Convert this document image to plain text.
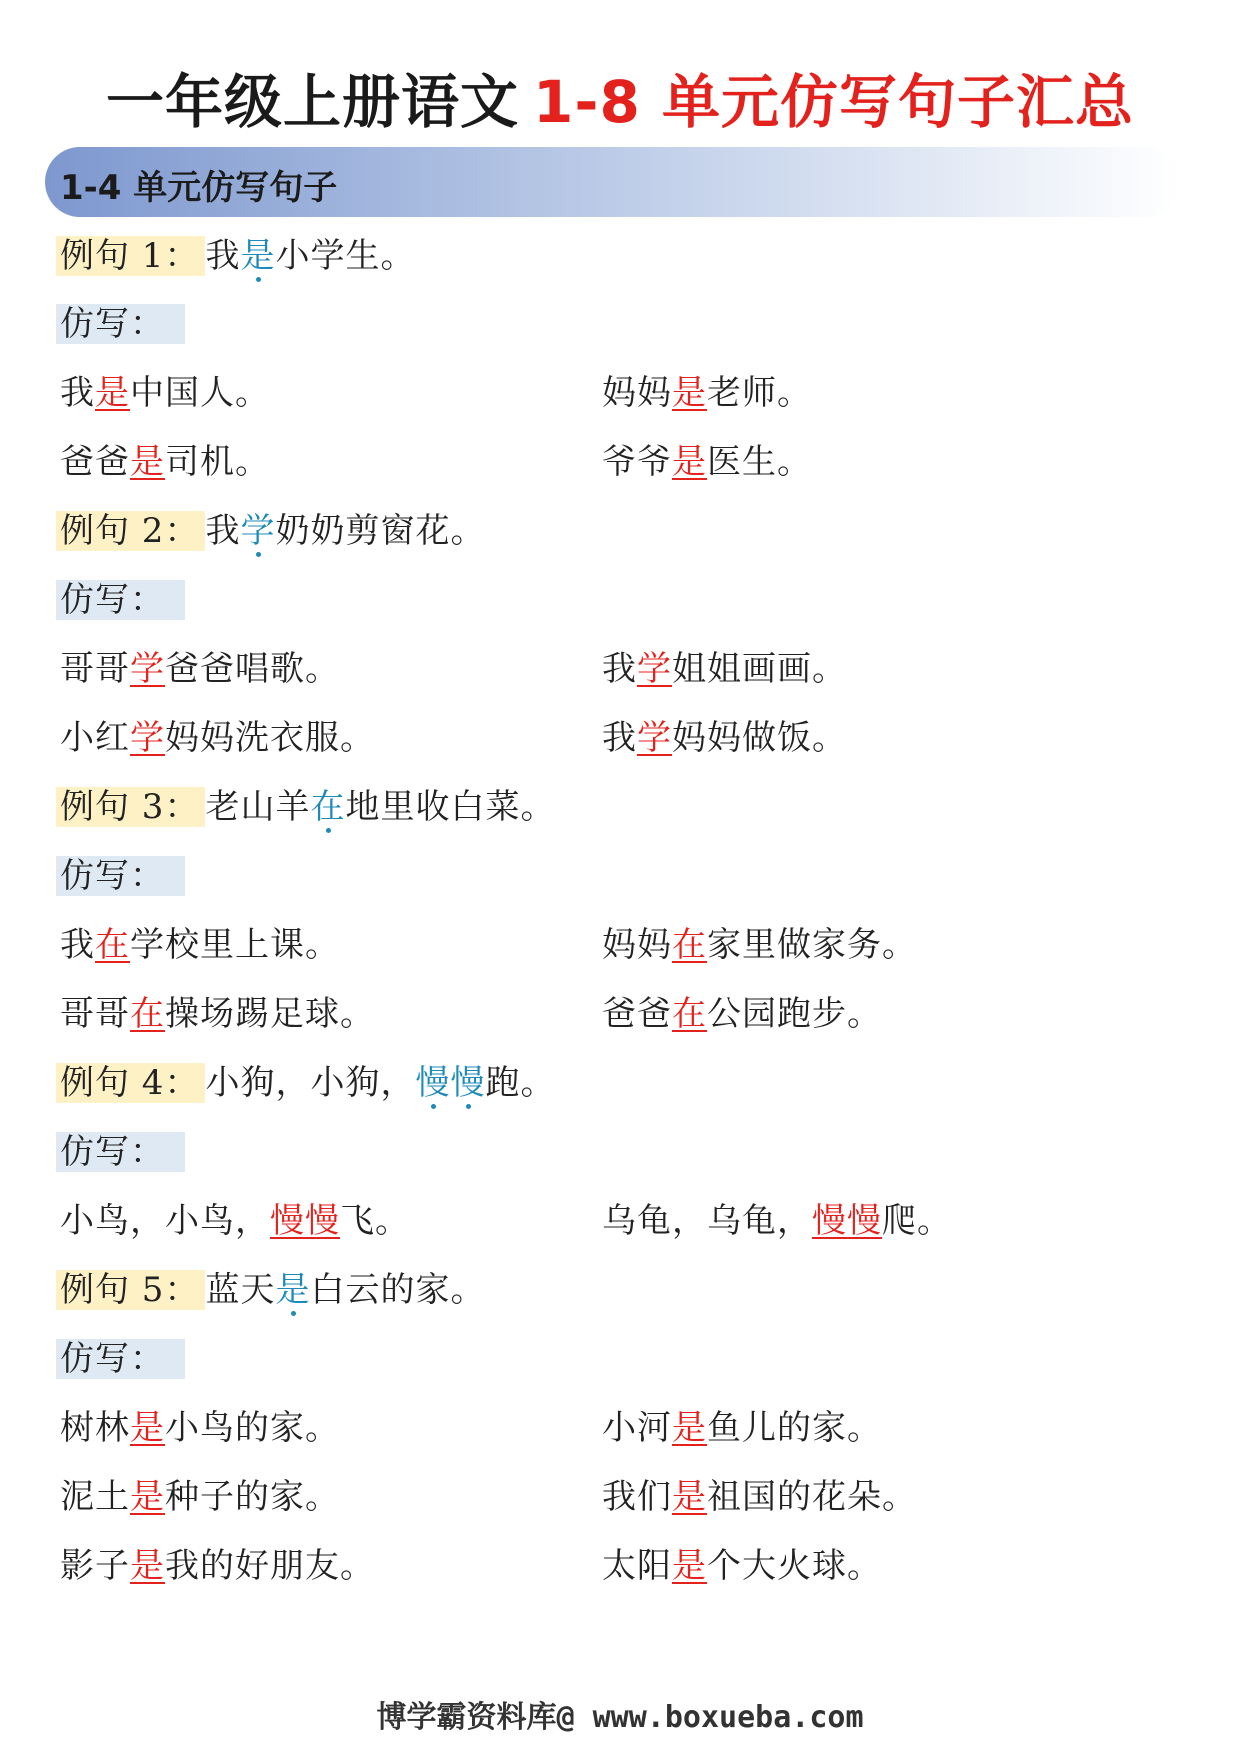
一年级上册语文 1-8 单元仿写句子汇总
1-4 单元仿写句子
例句 1： 我是小学生。
仿写：
我是中国人。	妈妈是老师。
爸爸是司机。	爷爷是医生。
例句 2： 我学奶奶剪窗花。
仿写：
哥哥学爸爸唱歌。	我学姐姐画画。
小红学妈妈洗衣服。	我学妈妈做饭。
例句 3： 老山羊在地里收白菜。
仿写：
我在学校里上课。	妈妈在家里做家务。
哥哥在操场踢足球。	爸爸在公园跑步。
例句 4： 小狗，小狗，慢慢跑。
仿写：
小鸟，小鸟，慢慢飞。	乌龟，乌龟，慢慢爬。
例句 5： 蓝天是白云的家。
仿写：
树林是小鸟的家。	小河是鱼儿的家。
泥土是种子的家。	我们是祖国的花朵。
影子是我的好朋友。	太阳是个大火球。
博学霸资料库@ www.boxueba.com
